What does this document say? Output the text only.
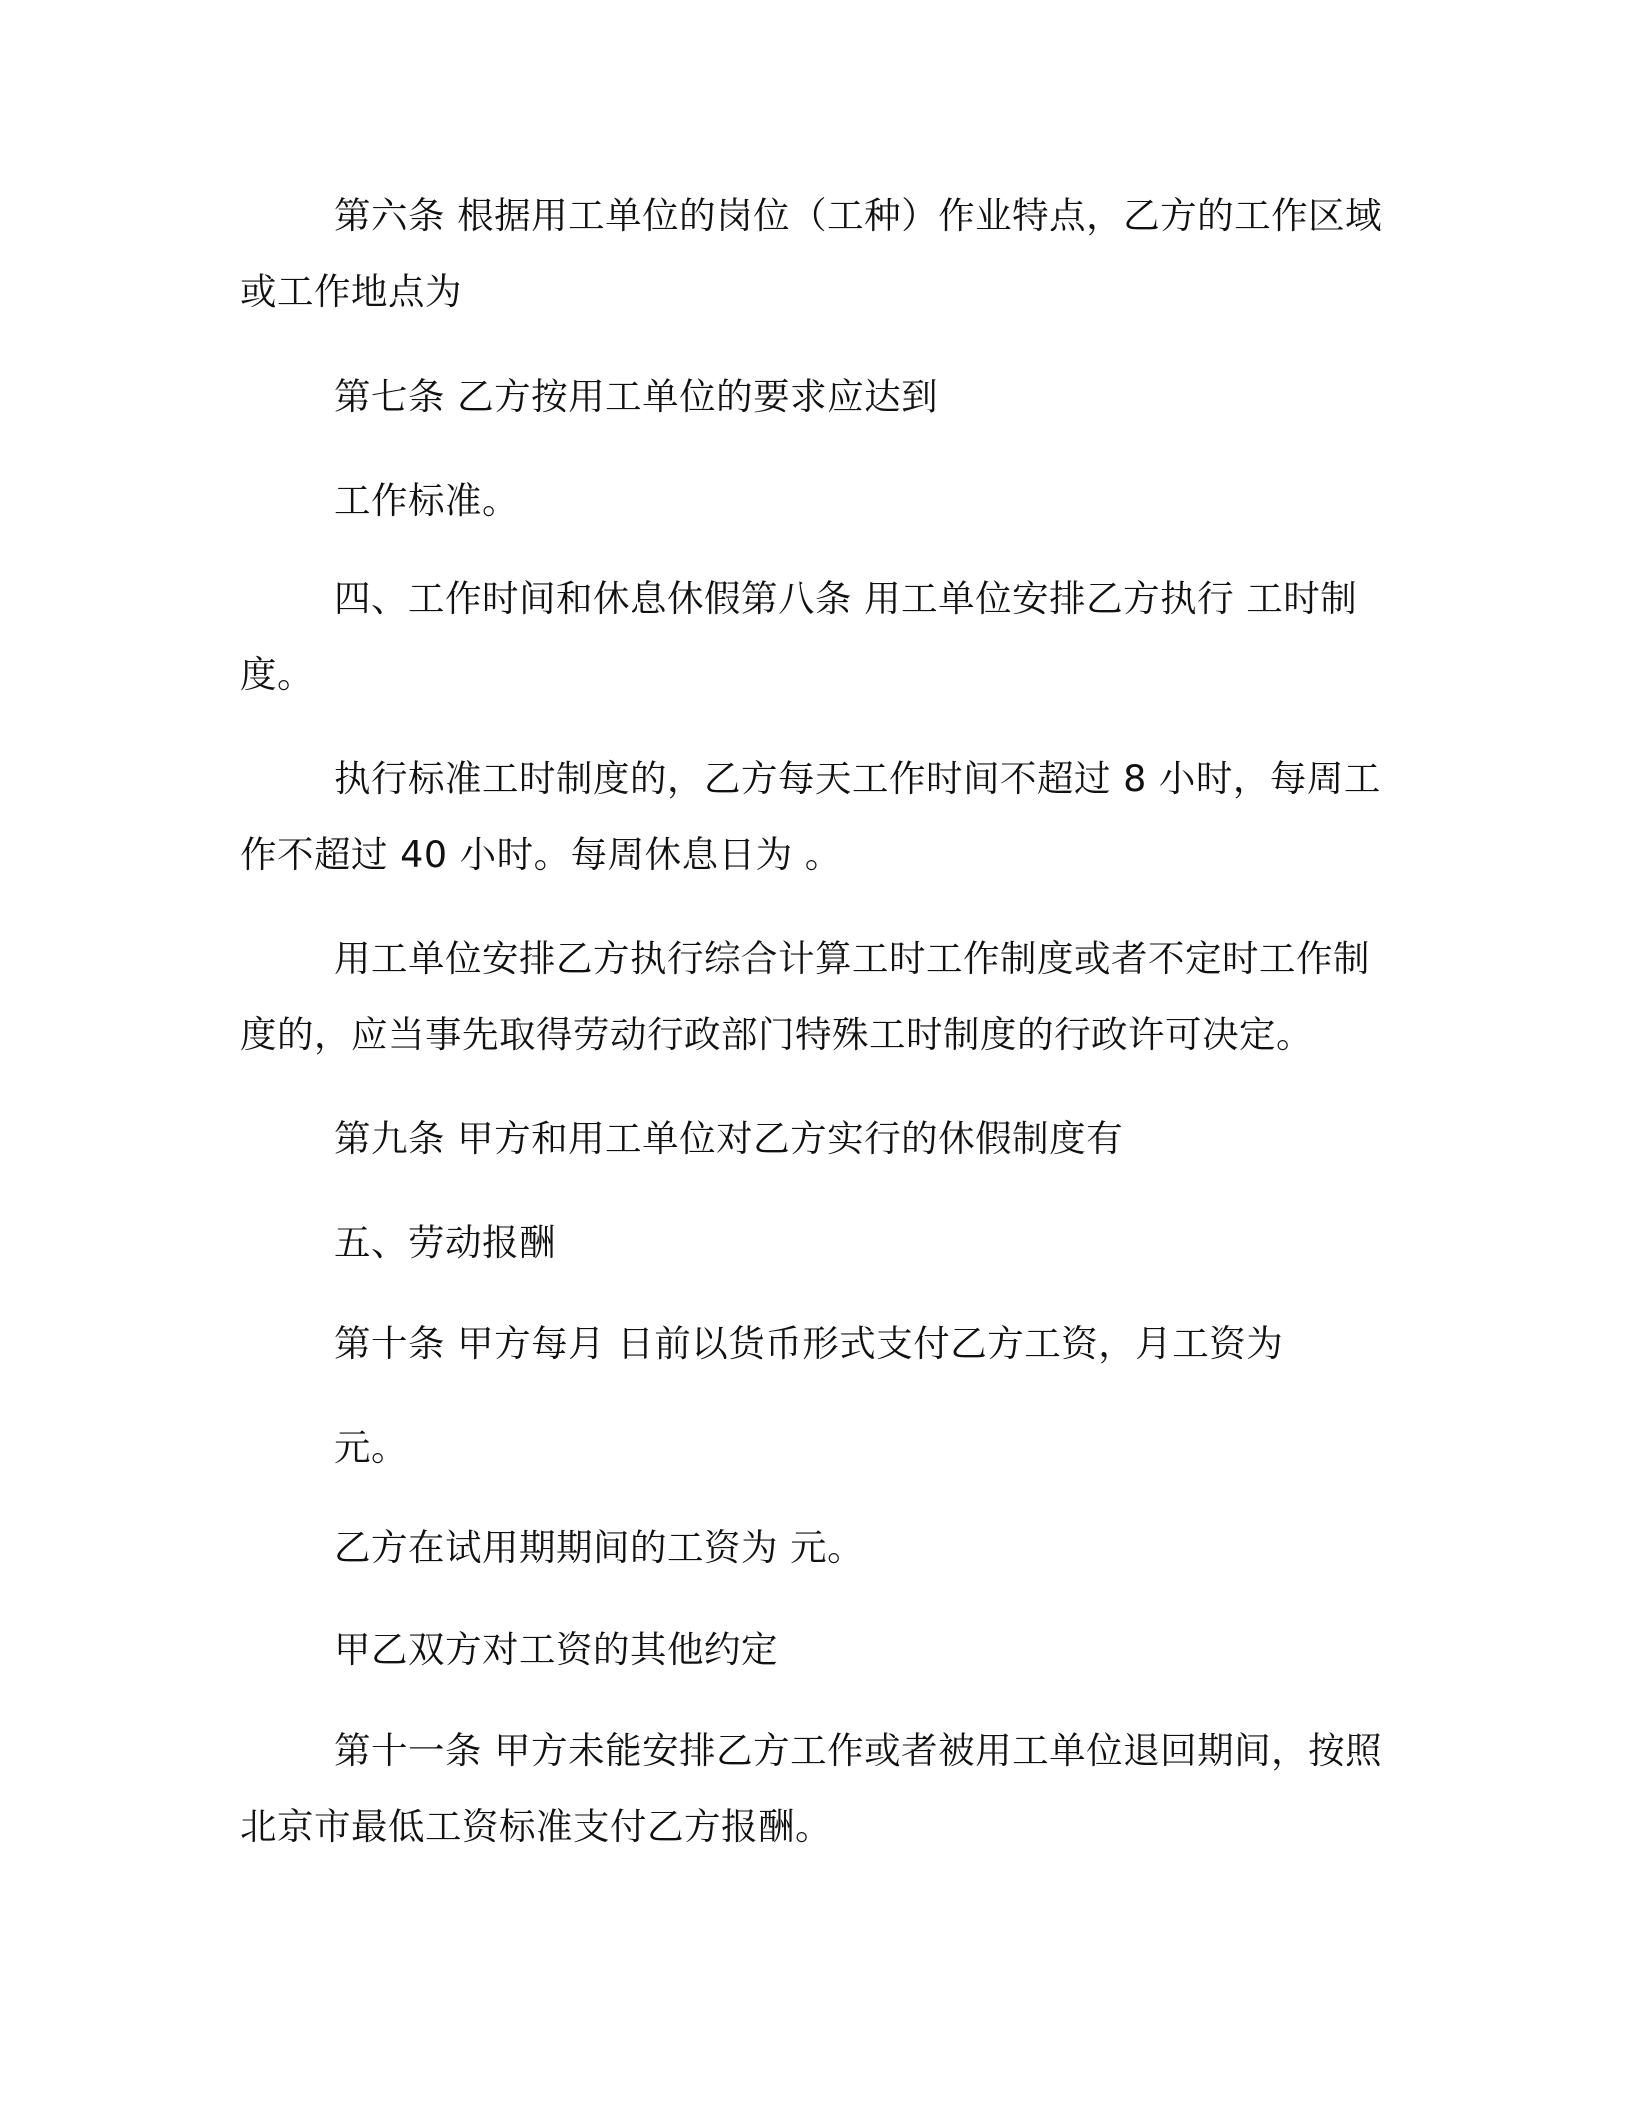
第六条 根据用工单位的岗位（工种）作业特点，乙方的工作区域或工作地点为

第七条 乙方按用工单位的要求应达到

工作标准。

四、工作时间和休息休假第八条 用工单位安排乙方执行 工时制度。

执行标准工时制度的，乙方每天工作时间不超过 8 小时，每周工作不超过 40 小时。每周休息日为 。

用工单位安排乙方执行综合计算工时工作制度或者不定时工作制度的，应当事先取得劳动行政部门特殊工时制度的行政许可决定。

第九条 甲方和用工单位对乙方实行的休假制度有

五、劳动报酬

第十条 甲方每月 日前以货币形式支付乙方工资，月工资为

元。

乙方在试用期期间的工资为 元。

甲乙双方对工资的其他约定

第十一条 甲方未能安排乙方工作或者被用工单位退回期间，按照北京市最低工资标准支付乙方报酬。
